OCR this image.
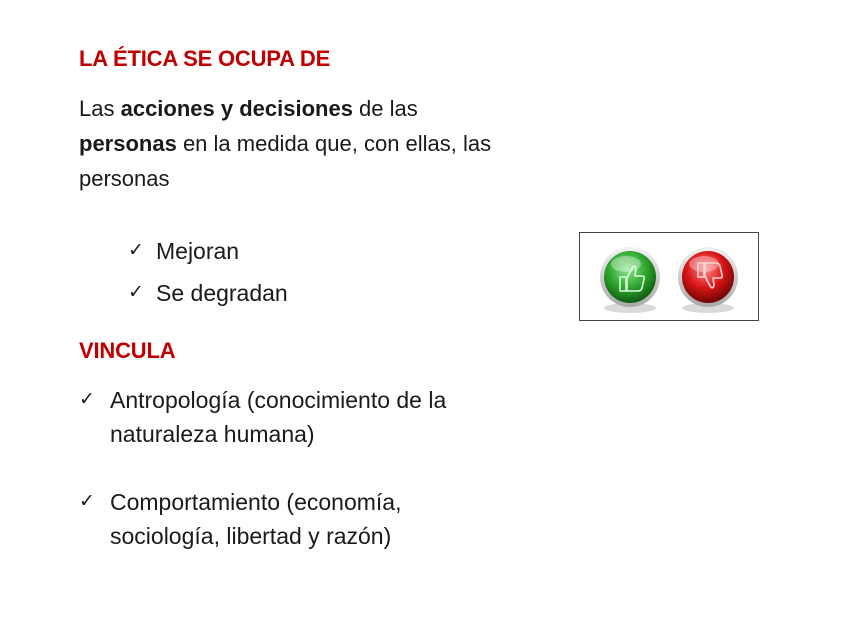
LA ÉTICA SE OCUPA DE
Las acciones y decisiones de las
personas en la medida que, con ellas, las personas
✓ Mejoran
✓ Se degradan
VINCULA
✓ Antropología (conocimiento de la naturaleza humana)
✓ Comportamiento (economía, sociología, libertad y razón)
